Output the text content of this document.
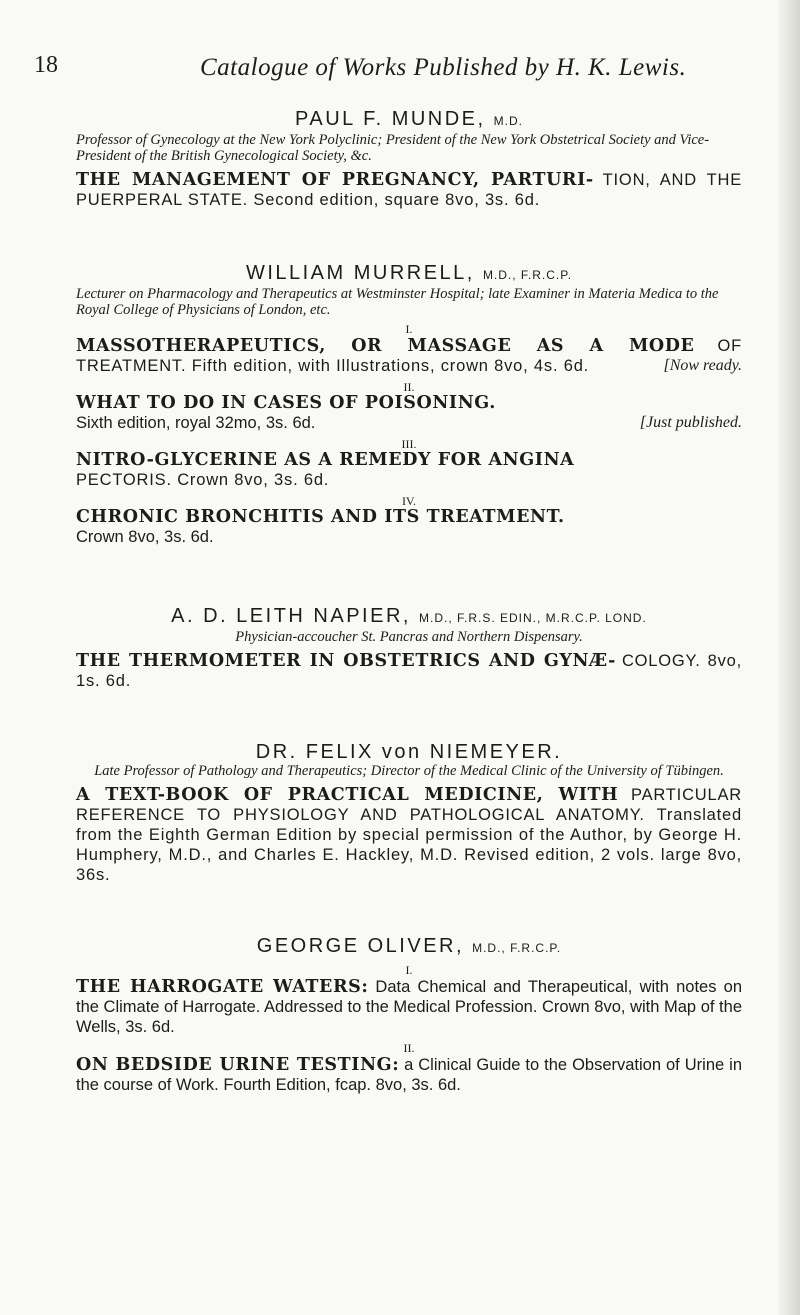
18	Catalogue of Works Published by H. K. Lewis.
PAUL F. MUNDE, M.D.
Professor of Gynecology at the New York Polyclinic; President of the New York Obstetrical Society and Vice-President of the British Gynecological Society, &c.
THE MANAGEMENT OF PREGNANCY, PARTURI- TION, AND THE PUERPERAL STATE. Second edition, square 8vo, 3s. 6d.
WILLIAM MURRELL, M.D., F.R.C.P.
Lecturer on Pharmacology and Therapeutics at Westminster Hospital; late Examiner in Materia Medica to the Royal College of Physicians of London, etc.
I.
MASSOTHERAPEUTICS, OR MASSAGE AS A MODE OF TREATMENT. Fifth edition, with Illustrations, crown 8vo, 4s. 6d.	[Now ready.
II.
WHAT TO DO IN CASES OF POISONING.
Sixth edition, royal 32mo, 3s. 6d.	[Just published.
III.
NITRO-GLYCERINE AS A REMEDY FOR ANGINA
PECTORIS. Crown 8vo, 3s. 6d.
IV.
CHRONIC BRONCHITIS AND ITS TREATMENT.
Crown 8vo, 3s. 6d.
A. D. LEITH NAPIER, M.D., F.R.S. EDIN., M.R.C.P. LOND.
Physician-accoucher St. Pancras and Northern Dispensary.
THE THERMOMETER IN OBSTETRICS AND GYNÆ- COLOGY. 8vo, 1s. 6d.
DR. FELIX von NIEMEYER.
Late Professor of Pathology and Therapeutics; Director of the Medical Clinic of the University of Tübingen.
A TEXT-BOOK OF PRACTICAL MEDICINE, WITH PARTICULAR REFERENCE TO PHYSIOLOGY AND PATHOLOGICAL ANATOMY. Translated from the Eighth German Edition by special permission of the Author, by George H. Humphery, M.D., and Charles E. Hackley, M.D. Revised edition, 2 vols. large 8vo, 36s.
GEORGE OLIVER, M.D., F.R.C.P.
I.
THE HARROGATE WATERS: Data Chemical and Therapeutical, with notes on the Climate of Harrogate. Addressed to the Medical Profession. Crown 8vo, with Map of the Wells, 3s. 6d.
II.
ON BEDSIDE URINE TESTING: a Clinical Guide to the Observation of Urine in the course of Work. Fourth Edition, fcap. 8vo, 3s. 6d.
